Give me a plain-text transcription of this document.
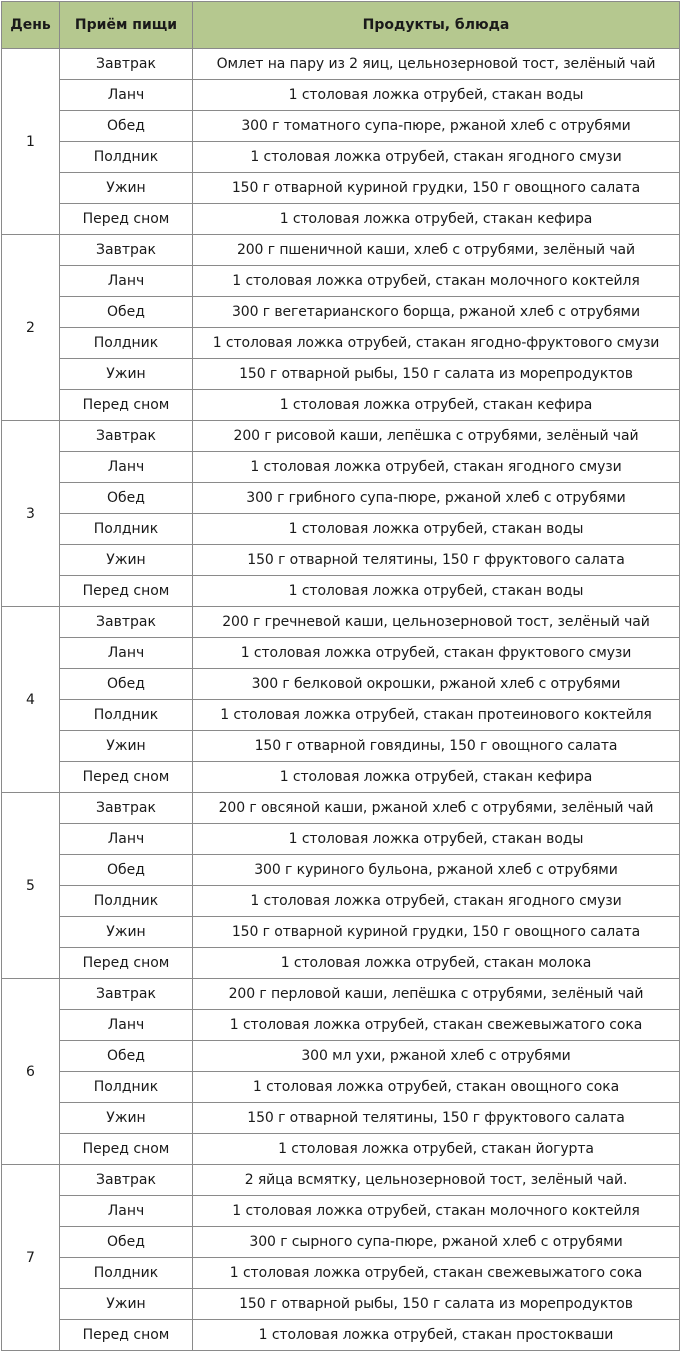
День	Приём пищи	Продукты, блюда
1	Завтрак	Омлет на пару из 2 яиц, цельнозерновой тост, зелёный чай
	Ланч	1 столовая ложка отрубей, стакан воды
	Обед	300 г томатного супа-пюре, ржаной хлеб с отрубями
	Полдник	1 столовая ложка отрубей, стакан ягодного смузи
	Ужин	150 г отварной куриной грудки, 150 г овощного салата
	Перед сном	1 столовая ложка отрубей, стакан кефира
2	Завтрак	200 г пшеничной каши, хлеб с отрубями, зелёный чай
	Ланч	1 столовая ложка отрубей, стакан молочного коктейля
	Обед	300 г вегетарианского борща, ржаной хлеб с отрубями
	Полдник	1 столовая ложка отрубей, стакан ягодно-фруктового смузи
	Ужин	150 г отварной рыбы, 150 г салата из морепродуктов
	Перед сном	1 столовая ложка отрубей, стакан кефира
3	Завтрак	200 г рисовой каши, лепёшка с отрубями, зелёный чай
	Ланч	1 столовая ложка отрубей, стакан ягодного смузи
	Обед	300 г грибного супа-пюре, ржаной хлеб с отрубями
	Полдник	1 столовая ложка отрубей, стакан воды
	Ужин	150 г отварной телятины, 150 г фруктового салата
	Перед сном	1 столовая ложка отрубей, стакан воды
4	Завтрак	200 г гречневой каши, цельнозерновой тост, зелёный чай
	Ланч	1 столовая ложка отрубей, стакан фруктового смузи
	Обед	300 г белковой окрошки, ржаной хлеб с отрубями
	Полдник	1 столовая ложка отрубей, стакан протеинового коктейля
	Ужин	150 г отварной говядины, 150 г овощного салата
	Перед сном	1 столовая ложка отрубей, стакан кефира
5	Завтрак	200 г овсяной каши, ржаной хлеб с отрубями, зелёный чай
	Ланч	1 столовая ложка отрубей, стакан воды
	Обед	300 г куриного бульона, ржаной хлеб с отрубями
	Полдник	1 столовая ложка отрубей, стакан ягодного смузи
	Ужин	150 г отварной куриной грудки, 150 г овощного салата
	Перед сном	1 столовая ложка отрубей, стакан молока
6	Завтрак	200 г перловой каши, лепёшка с отрубями, зелёный чай
	Ланч	1 столовая ложка отрубей, стакан свежевыжатого сока
	Обед	300 мл ухи, ржаной хлеб с отрубями
	Полдник	1 столовая ложка отрубей, стакан овощного сока
	Ужин	150 г отварной телятины, 150 г фруктового салата
	Перед сном	1 столовая ложка отрубей, стакан йогурта
7	Завтрак	2 яйца всмятку, цельнозерновой тост, зелёный чай.
	Ланч	1 столовая ложка отрубей, стакан молочного коктейля
	Обед	300 г сырного супа-пюре, ржаной хлеб с отрубями
	Полдник	1 столовая ложка отрубей, стакан свежевыжатого сока
	Ужин	150 г отварной рыбы, 150 г салата из морепродуктов
	Перед сном	1 столовая ложка отрубей, стакан простокваши
